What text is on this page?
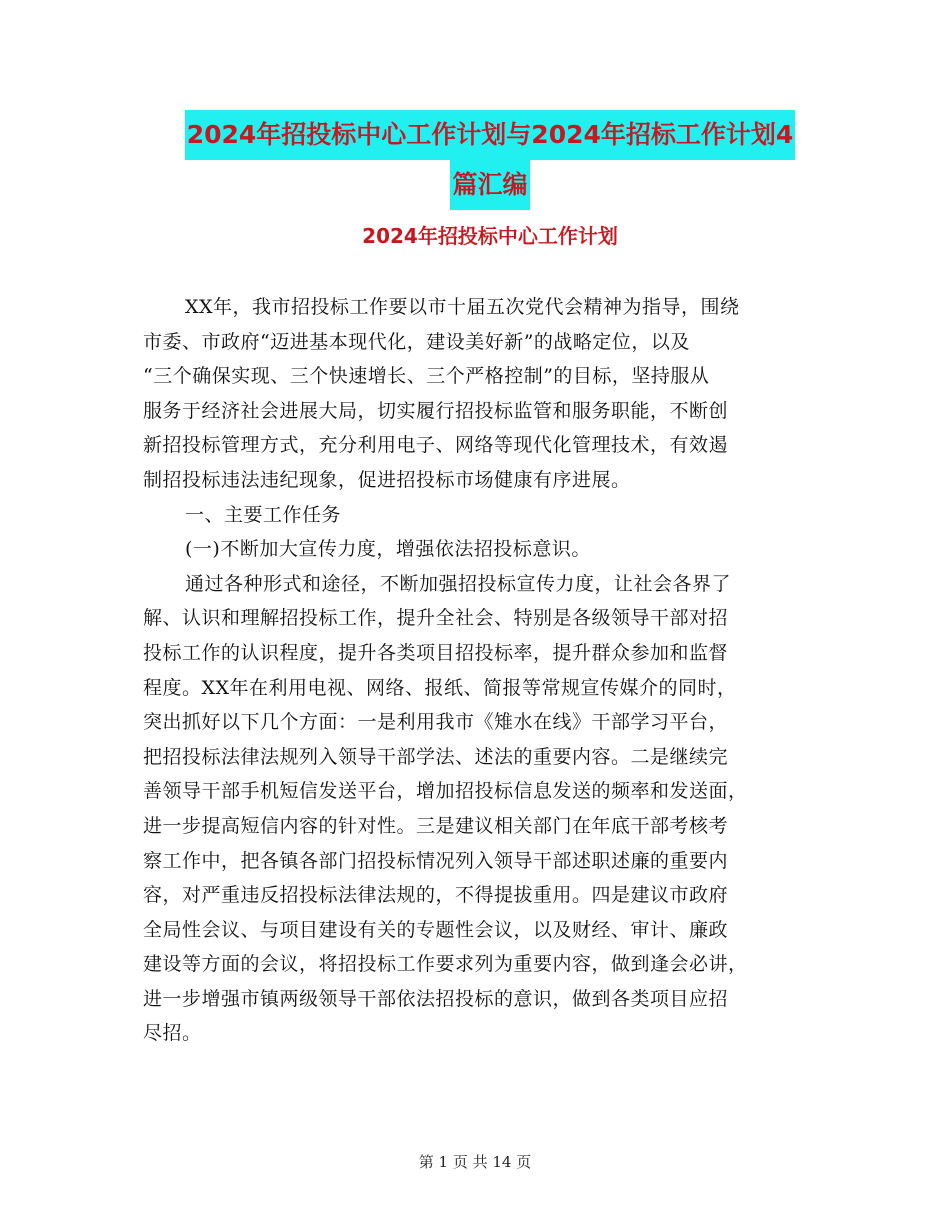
2024年招投标中心工作计划与2024年招标工作计划4
篇汇编
2024年招投标中心工作计划
XX年，我市招投标工作要以市十届五次党代会精神为指导，围绕
市委、市政府“迈进基本现代化，建设美好新”的战略定位，以及
“三个确保实现、三个快速增长、三个严格控制”的目标，坚持服从
服务于经济社会进展大局，切实履行招投标监管和服务职能，不断创
新招投标管理方式，充分利用电子、网络等现代化管理技术，有效遏
制招投标违法违纪现象，促进招投标市场健康有序进展。
一、主要工作任务
(一)不断加大宣传力度，增强依法招投标意识。
通过各种形式和途径，不断加强招投标宣传力度，让社会各界了
解、认识和理解招投标工作，提升全社会、特别是各级领导干部对招
投标工作的认识程度，提升各类项目招投标率，提升群众参加和监督
程度。XX年在利用电视、网络、报纸、简报等常规宣传媒介的同时，
突出抓好以下几个方面：一是利用我市《雉水在线》干部学习平台，
把招投标法律法规列入领导干部学法、述法的重要内容。二是继续完
善领导干部手机短信发送平台，增加招投标信息发送的频率和发送面，
进一步提高短信内容的针对性。三是建议相关部门在年底干部考核考
察工作中，把各镇各部门招投标情况列入领导干部述职述廉的重要内
容，对严重违反招投标法律法规的，不得提拔重用。四是建议市政府
全局性会议、与项目建设有关的专题性会议，以及财经、审计、廉政
建设等方面的会议，将招投标工作要求列为重要内容，做到逢会必讲，
进一步增强市镇两级领导干部依法招投标的意识，做到各类项目应招
尽招。
第 1 页 共 14 页
